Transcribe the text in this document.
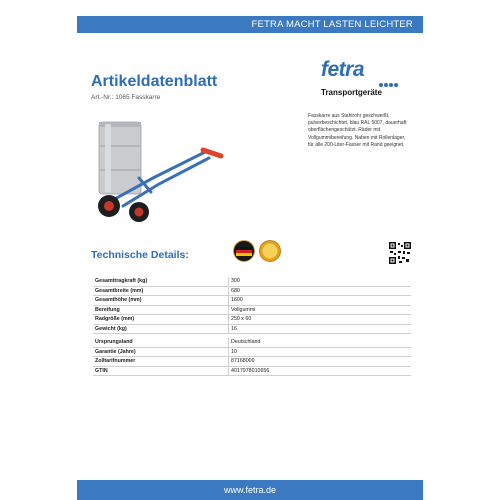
FETRA MACHT LASTEN LEICHTER
Artikeldatenblatt
Art.-Nr.: 1065 Fasskarre
fetra
Transportgeräte
Fasskarre aus Stahlrohr geschweißt, pulverbeschichtet, blau RAL 5007, dauerhaft oberflächengeschützt. Räder mit Vollgummibereifung. Naben mit Rollenlager, für alle 200-Liter-Fässer mit Rand geeignet.
Technische Details:
Gesamttragkraft (kg)	300
Gesamtbreite (mm)	680
Gesamthöhe (mm)	1600
Bereifung	Vollgummi
Radgröße (mm)	250 x 60
Gewicht (kg)	16

Ursprungsland	Deutschland
Garantie (Jahre)	10
Zolltarifnummer	87168000
GTIN	4017978010656
www.fetra.de
